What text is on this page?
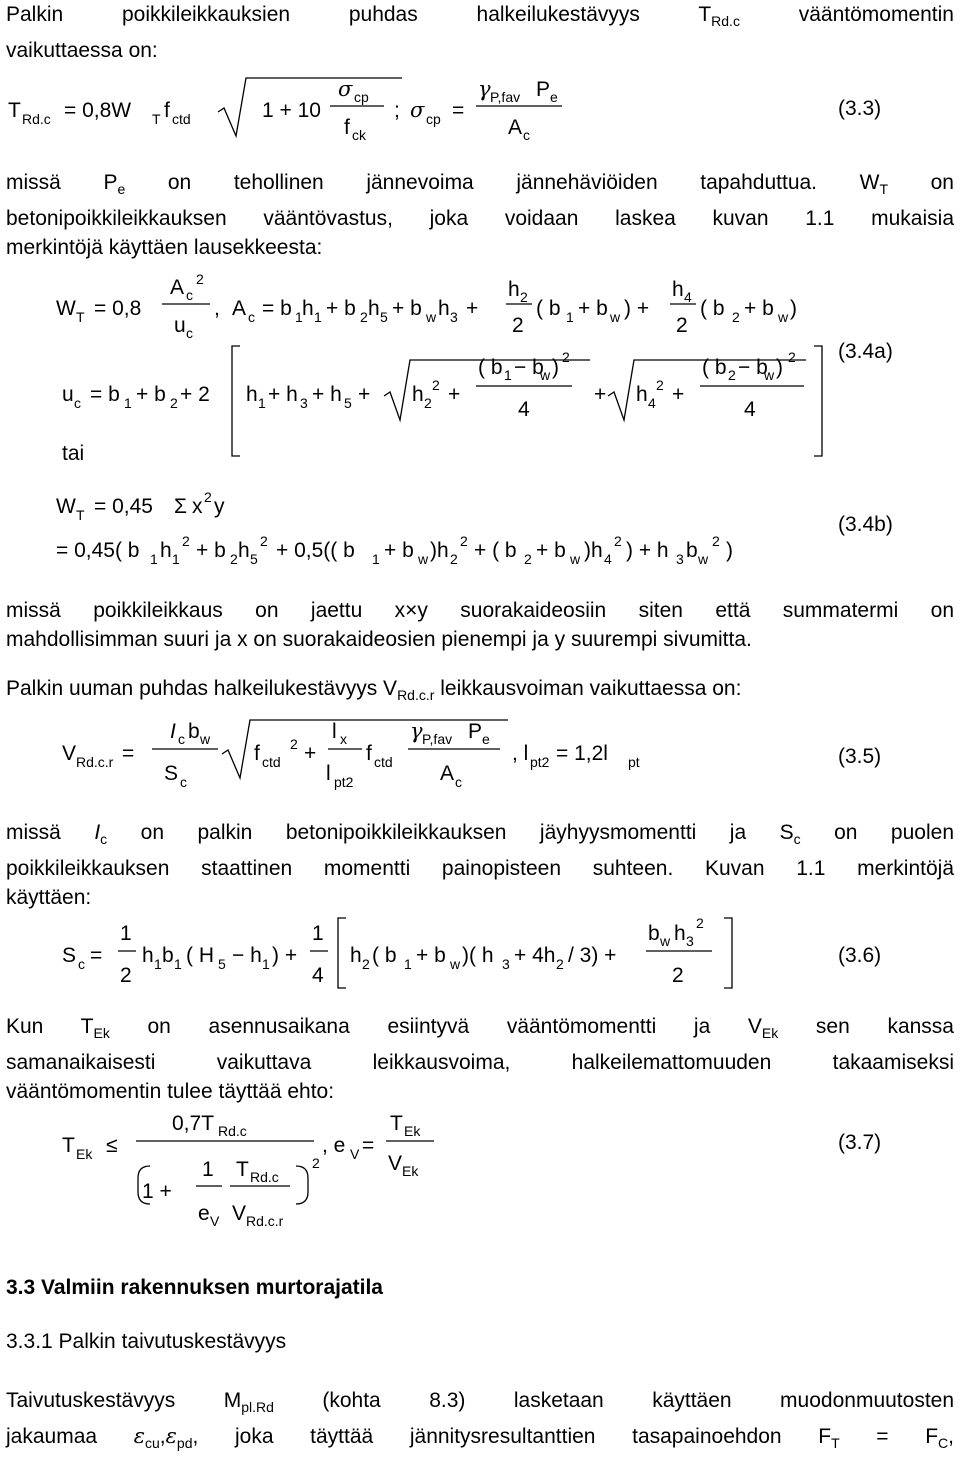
Palkin poikkileikkauksien puhdas halkeilukestävyys $T_{Rd.c}$ vääntömomentin
vaikuttaessa on:
T Rd.c = 0,8W T f ctd	1 + 10
σ cp
f ck
; σ cp =
γ P,fav P e
A c
(3.3)
missä $P_e$ on tehollinen jännevoima jännehäviöiden tapahduttua. $W_T$ on
betonipoikkileikkauksen vääntövastus, joka voidaan laskea kuvan 1.1 mukaisia
merkintöjä käyttäen lausekkeesta:
W T = 0,8
A c
2
u c
, A c = b 1 h 1 + b 2 h 5 + b w h 3 +
h 2
2
( b 1 + b w ) +
h 4
2
( b 2 + b w )
u c = b 1 + b 2 + 2 h 1 + h 3 + h 5 + h 2
2 +
( b 1 − b
w ) 2
4
+ h 4
2 +
( b 2 − b
w ) 2
4
(3.4a)
tai
W T = 0,45 Σ x 2 y
= 0,45( b 1 h 1
2 + b 2 h 5
2 + 0,5(( b 1 + b w )h 2
2 + ( b 2 + b w )h 4
2 ) + h 3 b w
2 )
(3.4b)
missä poikkileikkaus on jaettu x×y suorakaideosiin siten että summatermi on
mahdollisimman suuri ja x on suorakaideosien pienempi ja y suurempi sivumitta.
Palkin uuman puhdas halkeilukestävyys $V_{Rd.c.r}$ leikkausvoiman vaikuttaessa on:
V Rd.c.r =
I c b w
S c
f ctd
2 +
l x
l pt2
f ctd
γ P,fav P e
A c
, l pt2 = 1,2l pt	(3.5)
missä $I_c$ on palkin betonipoikkileikkauksen jäyhyysmomentti ja $S_c$ on puolen
poikkileikkauksen staattinen momentti painopisteen suhteen. Kuvan 1.1 merkintöjä
käyttäen:
S c =
1
2
h 1 b 1 ( H 5 − h 1 ) +
1
4
h 2 ( b 1 + b w )( h 3 + 4h 2 / 3) +
b w h 3
2
2
(3.6)
Kun $T_{Ek}$ on asennusaikana esiintyvä vääntömomentti ja $V_{Ek}$ sen kanssa
samanaikaisesti vaikuttava leikkausvoima, halkeilemattomuuden takaamiseksi
vääntömomentin tulee täyttää ehto:
T Ek ≤
0,7T Rd.c
1 +
1
e V
T Rd.c
V Rd.c.r
2
, e V =
T Ek
V Ek
(3.7)
3.3 Valmiin rakennuksen murtorajatila
3.3.1 Palkin taivutuskestävyys
Taivutuskestävyys $M_{pl.Rd}$ (kohta 8.3) lasketaan käyttäen muodonmuutosten
jakaumaa $\varepsilon_{cu},\varepsilon_{pd}$, joka täyttää jännitysresultanttien tasapainoehdon $F_T = F_C$,
